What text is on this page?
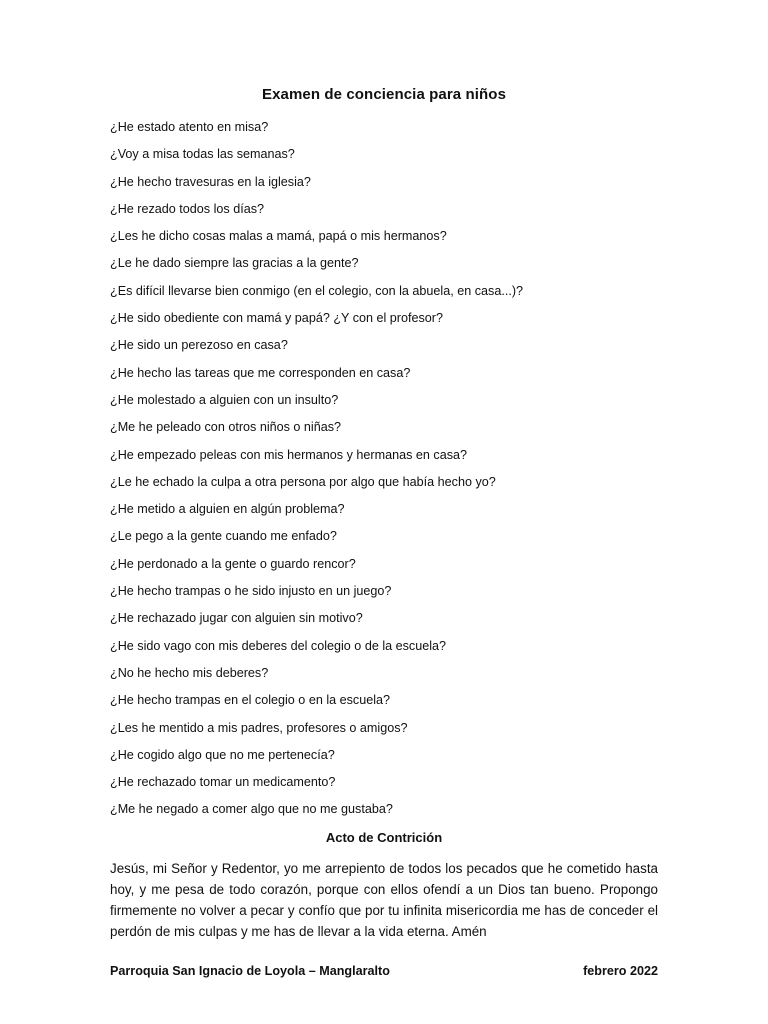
Examen de conciencia para niños
¿He estado atento en misa?
¿Voy a misa todas las semanas?
¿He hecho travesuras en la iglesia?
¿He rezado todos los días?
¿Les he dicho cosas malas a mamá, papá o mis hermanos?
¿Le he dado siempre las gracias a la gente?
¿Es difícil llevarse bien conmigo (en el colegio, con la abuela, en casa...)?
¿He sido obediente con mamá y papá? ¿Y con el profesor?
¿He sido un perezoso en casa?
¿He hecho las tareas que me corresponden en casa?
¿He molestado a alguien con un insulto?
¿Me he peleado con otros niños o niñas?
¿He empezado peleas con mis hermanos y hermanas en casa?
¿Le he echado la culpa a otra persona por algo que había hecho yo?
¿He metido a alguien en algún problema?
¿Le pego a la gente cuando me enfado?
¿He perdonado a la gente o guardo rencor?
¿He hecho trampas o he sido injusto en un juego?
¿He rechazado jugar con alguien sin motivo?
¿He sido vago con mis deberes del colegio o de la escuela?
¿No he hecho mis deberes?
¿He hecho trampas en el colegio o en la escuela?
¿Les he mentido a mis padres, profesores o amigos?
¿He cogido algo que no me pertenecía?
¿He rechazado tomar un medicamento?
¿Me he negado a comer algo que no me gustaba?
Acto de Contrición

Jesús, mi Señor y Redentor, yo me arrepiento de todos los pecados que he cometido hasta hoy, y me pesa de todo corazón, porque con ellos ofendí a un Dios tan bueno. Propongo firmemente no volver a pecar y confío que por tu infinita misericordia me has de conceder el perdón de mis culpas y me has de llevar a la vida eterna. Amén

Parroquia San Ignacio de Loyola – Manglaralto	febrero 2022
